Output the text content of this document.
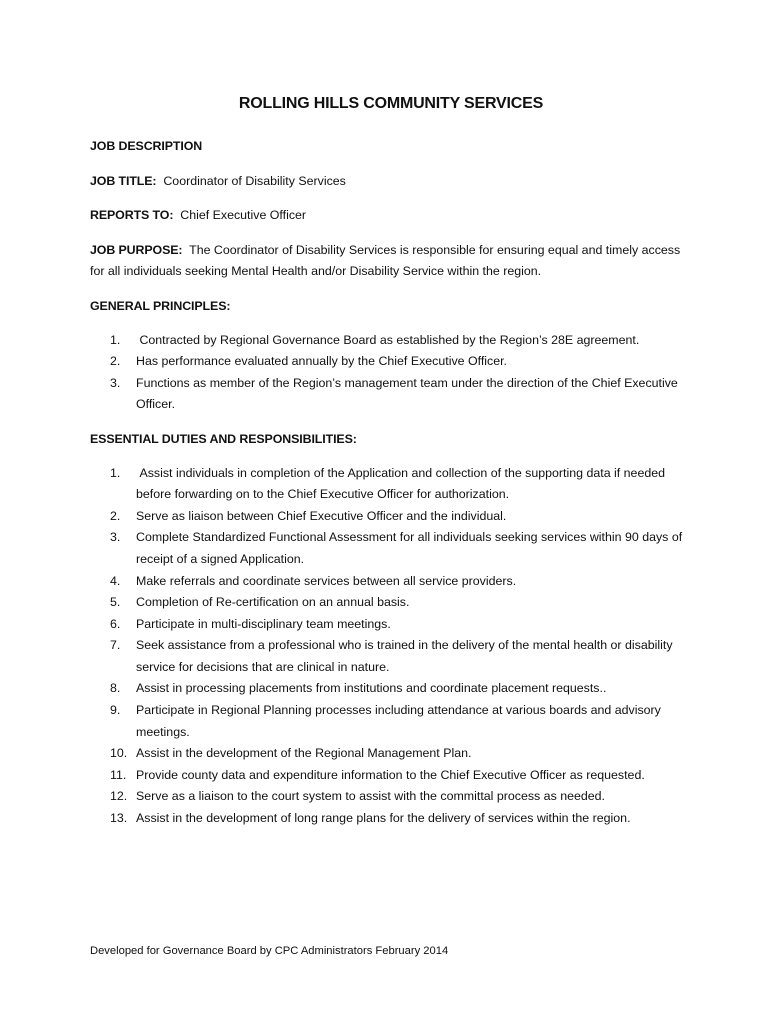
ROLLING HILLS COMMUNITY SERVICES
JOB DESCRIPTION
JOB TITLE: Coordinator of Disability Services
REPORTS TO: Chief Executive Officer
JOB PURPOSE: The Coordinator of Disability Services is responsible for ensuring equal and timely access for all individuals seeking Mental Health and/or Disability Service within the region.
GENERAL PRINCIPLES:
1. Contracted by Regional Governance Board as established by the Region’s 28E agreement.
2. Has performance evaluated annually by the Chief Executive Officer.
3. Functions as member of the Region’s management team under the direction of the Chief Executive Officer.
ESSENTIAL DUTIES AND RESPONSIBILITIES:
1. Assist individuals in completion of the Application and collection of the supporting data if needed before forwarding on to the Chief Executive Officer for authorization.
2. Serve as liaison between Chief Executive Officer and the individual.
3. Complete Standardized Functional Assessment for all individuals seeking services within 90 days of receipt of a signed Application.
4. Make referrals and coordinate services between all service providers.
5. Completion of Re-certification on an annual basis.
6. Participate in multi-disciplinary team meetings.
7. Seek assistance from a professional who is trained in the delivery of the mental health or disability service for decisions that are clinical in nature.
8. Assist in processing placements from institutions and coordinate placement requests..
9. Participate in Regional Planning processes including attendance at various boards and advisory meetings.
10. Assist in the development of the Regional Management Plan.
11. Provide county data and expenditure information to the Chief Executive Officer as requested.
12. Serve as a liaison to the court system to assist with the committal process as needed.
13. Assist in the development of long range plans for the delivery of services within the region.
Developed for Governance Board by CPC Administrators February 2014
